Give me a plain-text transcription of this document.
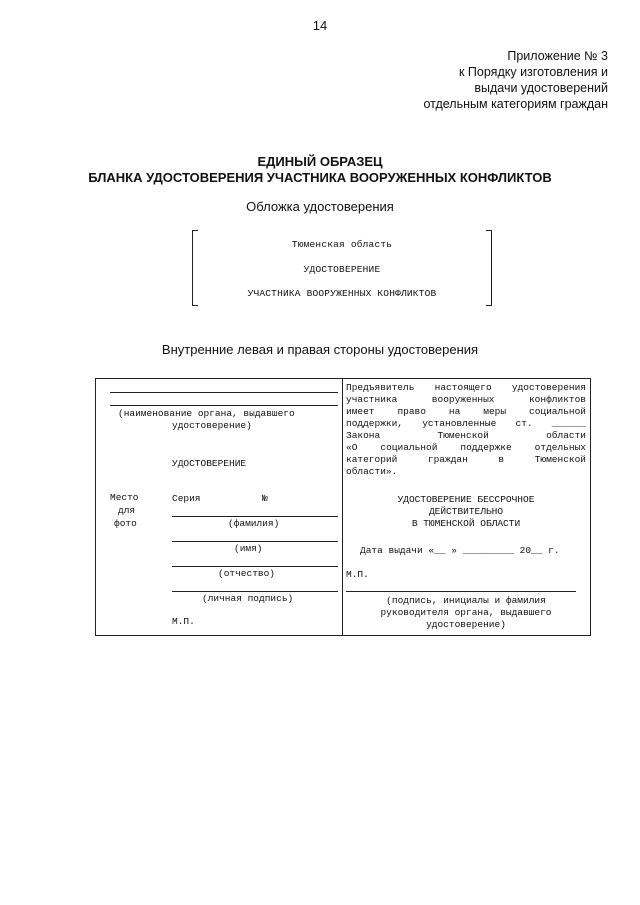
14
Приложение № 3
к Порядку изготовления и
выдачи удостоверений
отдельным категориям граждан
ЕДИНЫЙ ОБРАЗЕЦ
БЛАНКА УДОСТОВЕРЕНИЯ УЧАСТНИКА ВООРУЖЕННЫХ КОНФЛИКТОВ
Обложка удостоверения
Тюменская область
УДОСТОВЕРЕНИЕ
УЧАСТНИКА ВООРУЖЕННЫХ КОНФЛИКТОВ
Внутренние левая и правая стороны удостоверения
(наименование органа, выдавшего
удостоверение)
УДОСТОВЕРЕНИЕ
Место
для
фото
Серия	№
(фамилия)
(имя)
(отчество)
(личная подпись)
М.П.
Предъявитель настоящего удостоверения
участника вооруженных конфликтов
имеет право на меры социальной
поддержки, установленные ст. ______
Закона Тюменской области
«О социальной поддержке отдельных
категорий граждан в Тюменской
области».
УДОСТОВЕРЕНИЕ БЕССРОЧНОЕ
ДЕЙСТВИТЕЛЬНО
В ТЮМЕНСКОЙ ОБЛАСТИ
Дата выдачи «__ » _________ 20__ г.
М.П.
(подпись, инициалы и фамилия
руководителя органа, выдавшего
удостоверение)
